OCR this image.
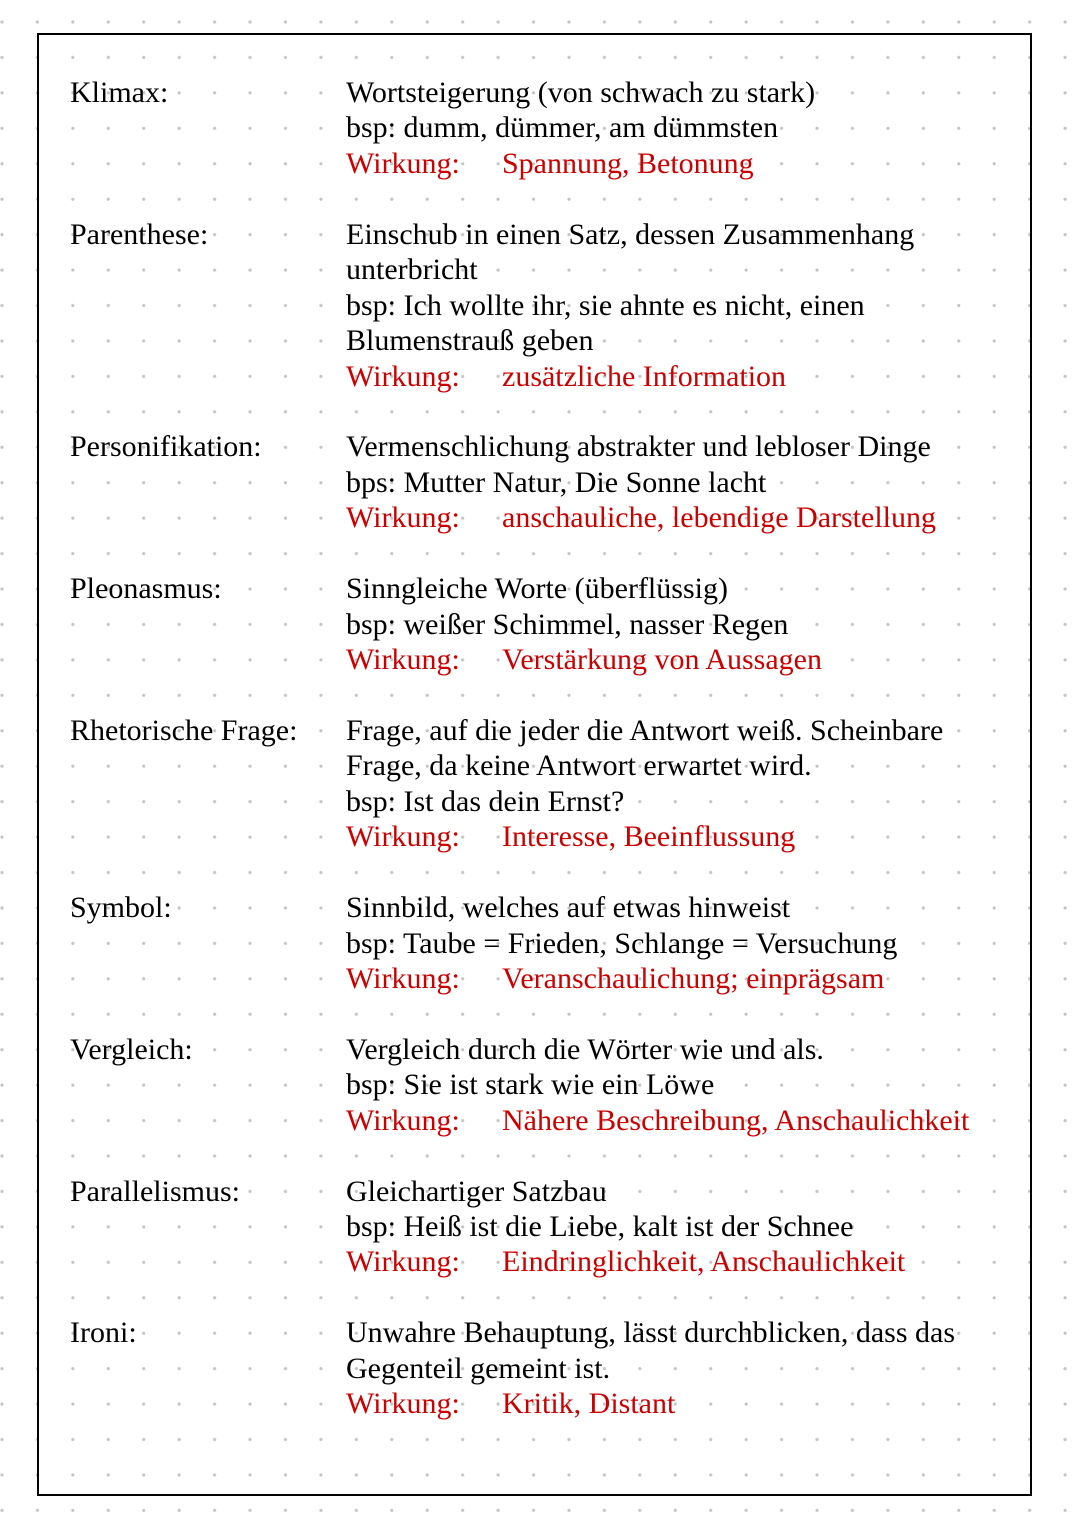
Klimax:	Wortsteigerung (von schwach zu stark)
bsp: dumm, dümmer, am dümmsten
Wirkung: Spannung, Betonung
Parenthese:	Einschub in einen Satz, dessen Zusammenhang
unterbricht
bsp: Ich wollte ihr, sie ahnte es nicht, einen
Blumenstrauß geben
Wirkung: zusätzliche Information
Personifikation:	Vermenschlichung abstrakter und lebloser Dinge
bps: Mutter Natur, Die Sonne lacht
Wirkung: anschauliche, lebendige Darstellung
Pleonasmus:	Sinngleiche Worte (überflüssig)
bsp: weißer Schimmel, nasser Regen
Wirkung: Verstärkung von Aussagen
Rhetorische Frage:	Frage, auf die jeder die Antwort weiß. Scheinbare
Frage, da keine Antwort erwartet wird.
bsp: Ist das dein Ernst?
Wirkung: Interesse, Beeinflussung
Symbol:	Sinnbild, welches auf etwas hinweist
bsp: Taube = Frieden, Schlange = Versuchung
Wirkung: Veranschaulichung; einprägsam
Vergleich:	Vergleich durch die Wörter wie und als.
bsp: Sie ist stark wie ein Löwe
Wirkung: Nähere Beschreibung, Anschaulichkeit
Parallelismus:	Gleichartiger Satzbau
bsp: Heiß ist die Liebe, kalt ist der Schnee
Wirkung: Eindringlichkeit, Anschaulichkeit
Ironi:	Unwahre Behauptung, lässt durchblicken, dass das
Gegenteil gemeint ist.
Wirkung: Kritik, Distant
